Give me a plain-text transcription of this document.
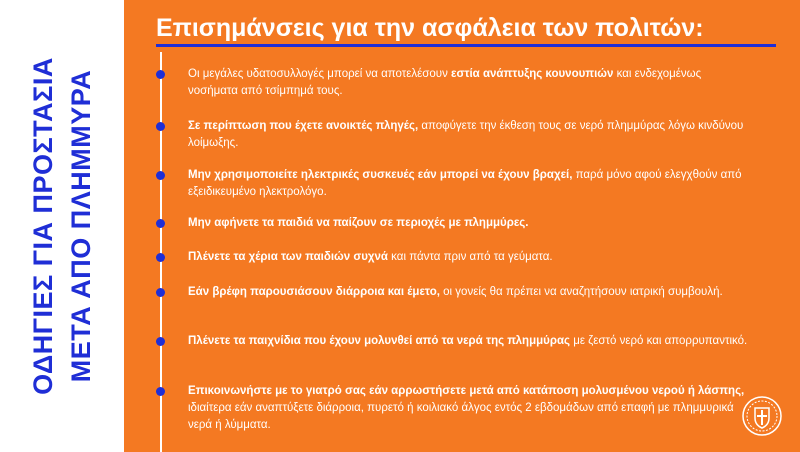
ΟΔΗΓΙΕΣ ΓΙΑ ΠΡΟΣΤΑΣΙΑ ΜΕΤΑ ΑΠΟ ΠΛΗΜΜΥΡΑ
Επισημάνσεις για την ασφάλεια των πολιτών:
Οι μεγάλες υδατοσυλλογές μπορεί να αποτελέσουν εστία ανάπτυξης κουνουπιών και ενδεχομένως νοσήματα από τσίμπημά τους.
Σε περίπτωση που έχετε ανοικτές πληγές, αποφύγετε την έκθεση τους σε νερό πλημμύρας λόγω κινδύνου λοίμωξης.
Μην χρησιμοποιείτε ηλεκτρικές συσκευές εάν μπορεί να έχουν βραχεί, παρά μόνο αφού ελεγχθούν από εξειδικευμένο ηλεκτρολόγο.
Μην αφήνετε τα παιδιά να παίζουν σε περιοχές με πλημμύρες.
Πλένετε τα χέρια των παιδιών συχνά και πάντα πριν από τα γεύματα.
Εάν βρέφη παρουσιάσουν διάρροια και έμετο, οι γονείς θα πρέπει να αναζητήσουν ιατρική συμβουλή.
Πλένετε τα παιχνίδια που έχουν μολυνθεί από τα νερά της πλημμύρας με ζεστό νερό και απορρυπαντικό.
Επικοινωνήστε με το γιατρό σας εάν αρρωστήσετε μετά από κατάποση μολυσμένου νερού ή λάσπης, ιδιαίτερα εάν αναπτύξετε διάρροια, πυρετό ή κοιλιακό άλγος εντός 2 εβδομάδων από επαφή με πλημμυρικά νερά ή λύμματα.
